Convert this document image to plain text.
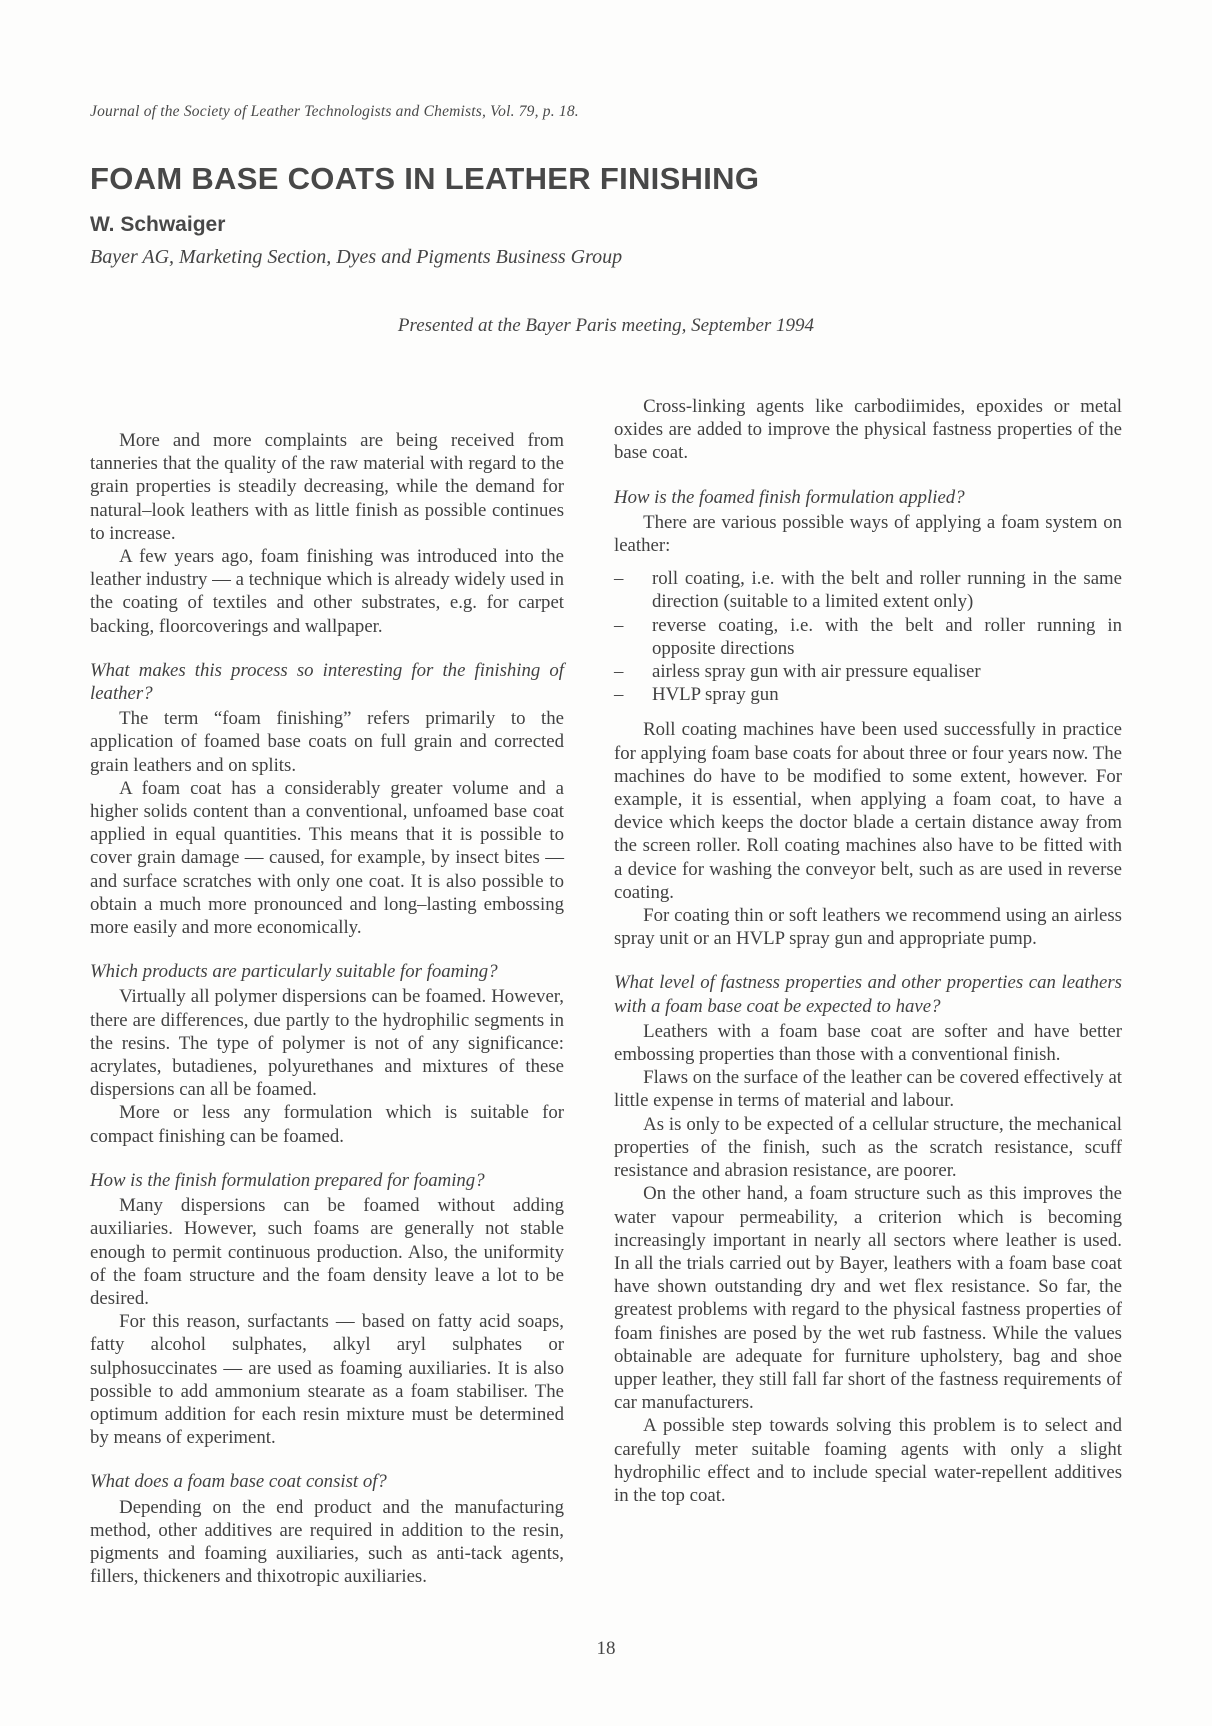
Journal of the Society of Leather Technologists and Chemists, Vol. 79, p. 18.
FOAM BASE COATS IN LEATHER FINISHING
W. Schwaiger
Bayer AG, Marketing Section, Dyes and Pigments Business Group
Presented at the Bayer Paris meeting, September 1994

More and more complaints are being received from tanneries that the quality of the raw material with regard to the grain properties is steadily decreasing, while the demand for natural–look leathers with as little finish as possible continues to increase.

A few years ago, foam finishing was introduced into the leather industry — a technique which is already widely used in the coating of textiles and other substrates, e.g. for carpet backing, floorcoverings and wallpaper.

What makes this process so interesting for the finishing of leather?

The term “foam finishing” refers primarily to the application of foamed base coats on full grain and corrected grain leathers and on splits.

A foam coat has a considerably greater volume and a higher solids content than a conventional, unfoamed base coat applied in equal quantities. This means that it is possible to cover grain damage — caused, for example, by insect bites — and surface scratches with only one coat. It is also possible to obtain a much more pronounced and long–lasting embossing more easily and more economically.

Which products are particularly suitable for foaming?

Virtually all polymer dispersions can be foamed. However, there are differences, due partly to the hydrophilic segments in the resins. The type of polymer is not of any significance: acrylates, butadienes, polyurethanes and mixtures of these dispersions can all be foamed.

More or less any formulation which is suitable for compact finishing can be foamed.

How is the finish formulation prepared for foaming?

Many dispersions can be foamed without adding auxiliaries. However, such foams are generally not stable enough to permit continuous production. Also, the uniformity of the foam structure and the foam density leave a lot to be desired.

For this reason, surfactants — based on fatty acid soaps, fatty alcohol sulphates, alkyl aryl sulphates or sulphosuccinates — are used as foaming auxiliaries. It is also possible to add ammonium stearate as a foam stabiliser. The optimum addition for each resin mixture must be determined by means of experiment.

What does a foam base coat consist of?

Depending on the end product and the manufacturing method, other additives are required in addition to the resin, pigments and foaming auxiliaries, such as anti-tack agents, fillers, thickeners and thixotropic auxiliaries.

Cross-linking agents like carbodiimides, epoxides or metal oxides are added to improve the physical fastness properties of the base coat.

How is the foamed finish formulation applied?

There are various possible ways of applying a foam system on leather:

–	roll coating, i.e. with the belt and roller running in the same direction (suitable to a limited extent only)
–	reverse coating, i.e. with the belt and roller running in opposite directions
–	airless spray gun with air pressure equaliser
–	HVLP spray gun

Roll coating machines have been used successfully in practice for applying foam base coats for about three or four years now. The machines do have to be modified to some extent, however. For example, it is essential, when applying a foam coat, to have a device which keeps the doctor blade a certain distance away from the screen roller. Roll coating machines also have to be fitted with a device for washing the conveyor belt, such as are used in reverse coating.

For coating thin or soft leathers we recommend using an airless spray unit or an HVLP spray gun and appropriate pump.

What level of fastness properties and other properties can leathers with a foam base coat be expected to have?

Leathers with a foam base coat are softer and have better embossing properties than those with a conventional finish.

Flaws on the surface of the leather can be covered effectively at little expense in terms of material and labour.

As is only to be expected of a cellular structure, the mechanical properties of the finish, such as the scratch resistance, scuff resistance and abrasion resistance, are poorer.

On the other hand, a foam structure such as this improves the water vapour permeability, a criterion which is becoming increasingly important in nearly all sectors where leather is used. In all the trials carried out by Bayer, leathers with a foam base coat have shown outstanding dry and wet flex resistance. So far, the greatest problems with regard to the physical fastness properties of foam finishes are posed by the wet rub fastness. While the values obtainable are adequate for furniture upholstery, bag and shoe upper leather, they still fall far short of the fastness requirements of car manufacturers.

A possible step towards solving this problem is to select and carefully meter suitable foaming agents with only a slight hydrophilic effect and to include special water-repellent additives in the top coat.

18
